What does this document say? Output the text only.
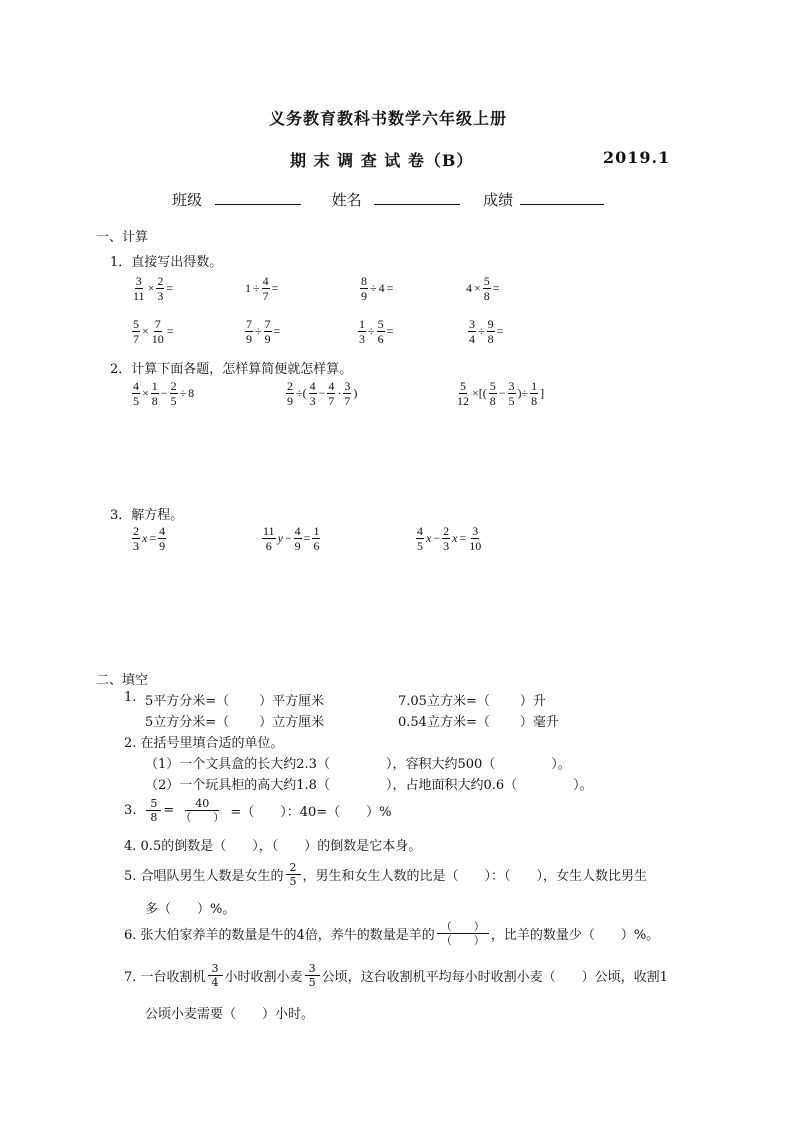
义务教育教科书数学六年级上册
期 末 调 查 试 卷（B）	2019.1
班级	姓名	成绩
一、计算
1．直接写出得数。
$\frac{3}{11} \times \frac{2}{3}$ =	$1 \div \frac{4}{7}$ =	$\frac{8}{9} \div 4$ =	$4 \times \frac{5}{8}$ =
$\frac{5}{7} \times \frac{7}{10}$ =	$\frac{7}{9} \div \frac{7}{9}$ =	$\frac{1}{3} \div \frac{5}{6}$ =	$\frac{3}{4} \div \frac{9}{8}$ =
2．计算下面各题，怎样算简便就怎样算。
$\frac{4}{5} \times \frac{1}{8} - \frac{2}{5} \div 8$	$\frac{2}{9}$ ÷( $\frac{4}{3} - \frac{4}{7} \cdot \frac{3}{7}$ )	$\frac{5}{12}$ ×[( $\frac{5}{8} - \frac{3}{5}$ )÷ $\frac{1}{8}$ ]
3．解方程。
$\frac{2}{3}$ $x = \frac{4}{9}$	$\frac{11}{6}$ $y - \frac{4}{9} = \frac{1}{6}$	$\frac{4}{5}$ $x - \frac{2}{3}$ $x = \frac{3}{10}$
二、填空
1. 5平方分米=（ ）平方厘米	7.05立方米=（ ）升
5立方分米=（ ）立方厘米	0.54立方米=（ ）毫升
2. 在括号里填合适的单位。
（1）一个文具盒的长大约2.3（	），容积大约500（	）。
（2）一个玩具柜的高大约1.8（	），占地面积大约0.6（	）。
3. $\frac{5}{8}$ =	40
（　　） =（　　）：40=（　　）%
4. 0.5的倒数是（　　），（　　）的倒数是它本身。
5. 合唱队男生人数是女生的
2
5 ，男生和女生人数的比是（　　）：（　　），女生人数比男生
多（　　）%。
6. 张大伯家养羊的数量是牛的4倍，养牛的数量是羊的
（　　）
（　　） ，比羊的数量少（　　）%。
7. 一台收割机
3
4 小时收割小麦
3
5 公顷，这台收割机平均每小时收割小麦（　　）公顷，收割1
公顷小麦需要（　　）小时。
